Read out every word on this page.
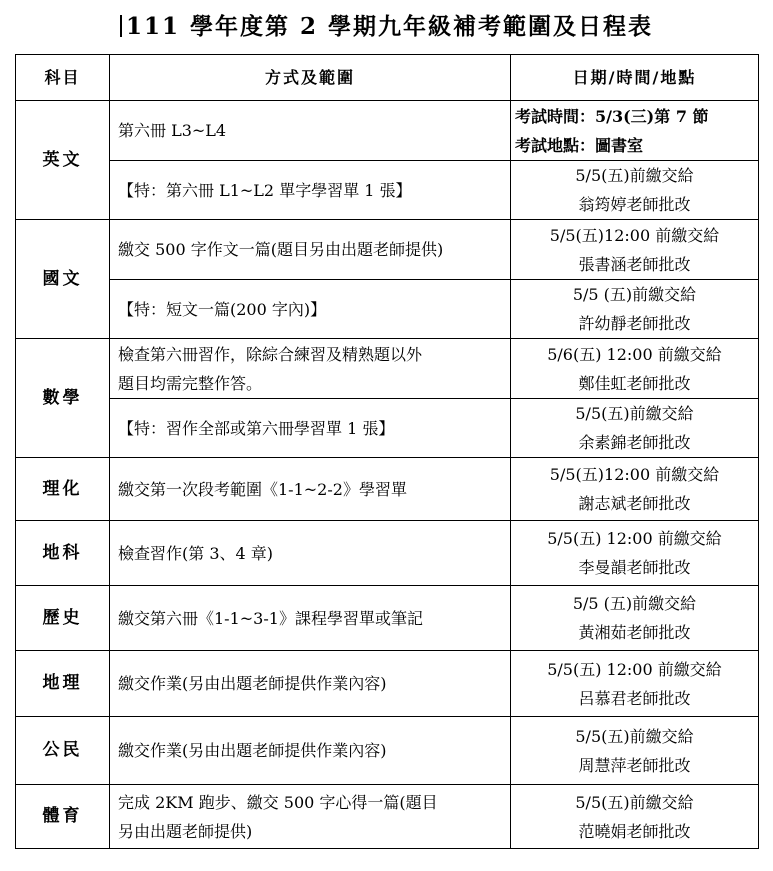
111 學年度第 2 學期九年級補考範圍及日程表
科目	方式及範圍	日期/時間/地點
英文	第六冊 L3~L4	考試時間：5/3(三)第 7 節
考試地點：圖書室

	【特：第六冊 L1~L2 單字學習單 1 張】	5/5(五)前繳交給
翁筠婷老師批改

國文	繳交 500 字作文一篇(題目另由出題老師提供)	5/5(五)12:00 前繳交給
張書涵老師批改

	【特：短文一篇(200 字內)】	5/5 (五)前繳交給
許幼靜老師批改

數學	檢查第六冊習作，除綜合練習及精熟題以外
題目均需完整作答。	5/6(五) 12:00 前繳交給
鄭佳虹老師批改

	【特：習作全部或第六冊學習單 1 張】	5/5(五)前繳交給
余素錦老師批改

理化	繳交第一次段考範圍《1-1~2-2》學習單	5/5(五)12:00 前繳交給
謝志斌老師批改

地科	檢查習作(第 3、4 章)	5/5(五) 12:00 前繳交給
李曼韻老師批改

歷史	繳交第六冊《1-1~3-1》課程學習單或筆記	5/5 (五)前繳交給
黃湘茹老師批改

地理	繳交作業(另由出題老師提供作業內容)	5/5(五) 12:00 前繳交給
呂慕君老師批改

公民	繳交作業(另由出題老師提供作業內容)	5/5(五)前繳交給
周慧萍老師批改

體育	完成 2KM 跑步、繳交 500 字心得一篇(題目
另由出題老師提供)	5/5(五)前繳交給
范曉娟老師批改
